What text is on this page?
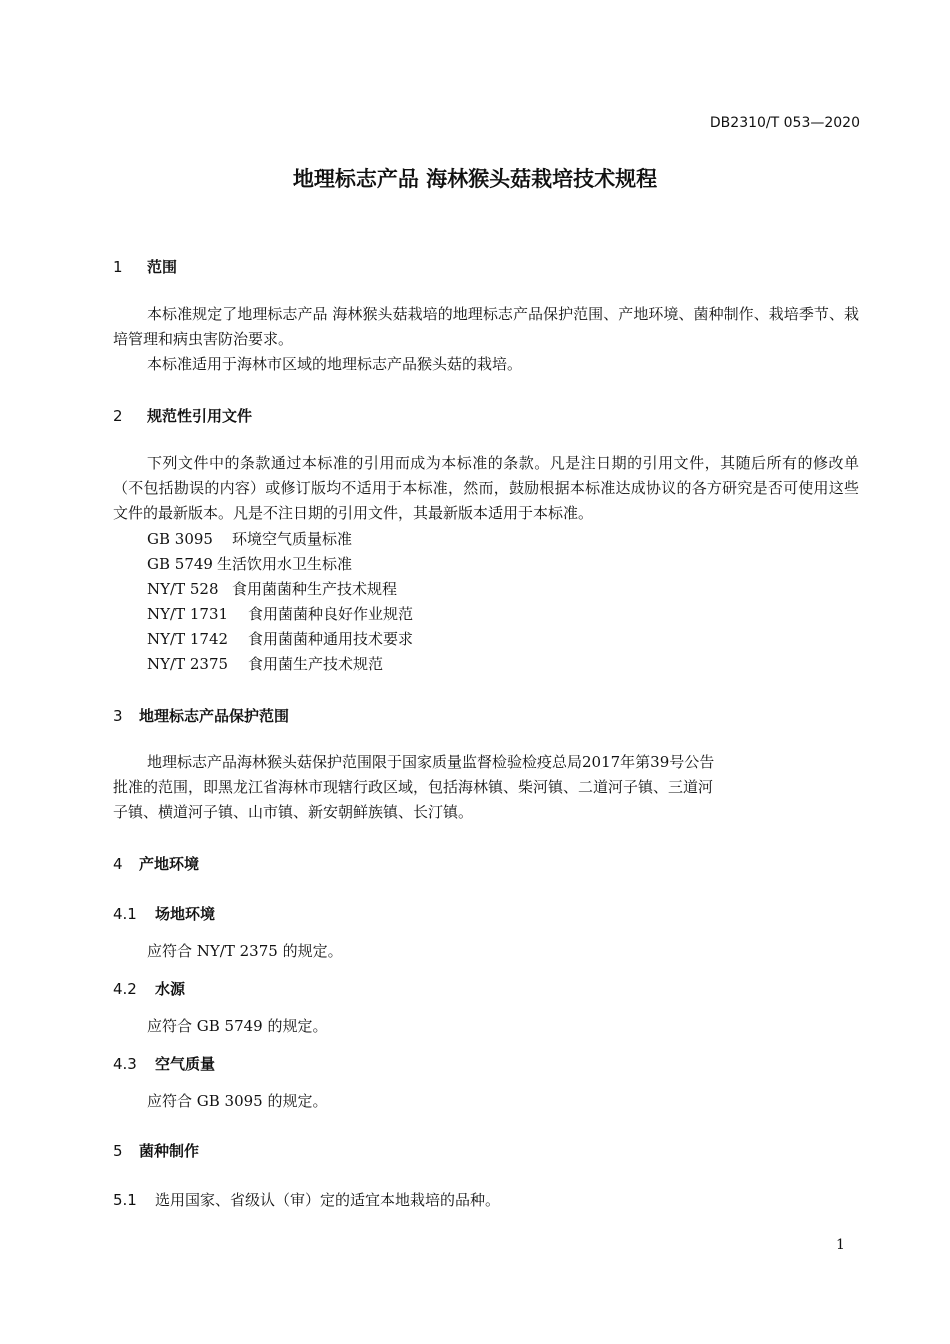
DB2310/T 053—2020
地理标志产品 海林猴头菇栽培技术规程
1 范围

本标准规定了地理标志产品 海林猴头菇栽培的地理标志产品保护范围、产地环境、菌种制作、栽培季节、栽培管理和病虫害防治要求。

本标准适用于海林市区域的地理标志产品猴头菇的栽培。

2 规范性引用文件

下列文件中的条款通过本标准的引用而成为本标准的条款。凡是注日期的引用文件，其随后所有的修改单（不包括勘误的内容）或修订版均不适用于本标准，然而，鼓励根据本标准达成协议的各方研究是否可使用这些文件的最新版本。凡是不注日期的引用文件，其最新版本适用于本标准。

GB 3095 环境空气质量标准
GB 5749 生活饮用水卫生标准
NY/T 528 食用菌菌种生产技术规程
NY/T 1731 食用菌菌种良好作业规范
NY/T 1742 食用菌菌种通用技术要求
NY/T 2375 食用菌生产技术规范
3 地理标志产品保护范围
地理标志产品海林猴头菇保护范围限于国家质量监督检验检疫总局2017年第39号公告
批准的范围，即黑龙江省海林市现辖行政区域，包括海林镇、柴河镇、二道河子镇、三道河
子镇、横道河子镇、山市镇、新安朝鲜族镇、长汀镇。
4 产地环境
4.1 场地环境
应符合 NY/T 2375 的规定。
4.2 水源
应符合 GB 5749 的规定。
4.3 空气质量
应符合 GB 3095 的规定。
5 菌种制作
5.1 选用国家、省级认（审）定的适宜本地栽培的品种。
1
